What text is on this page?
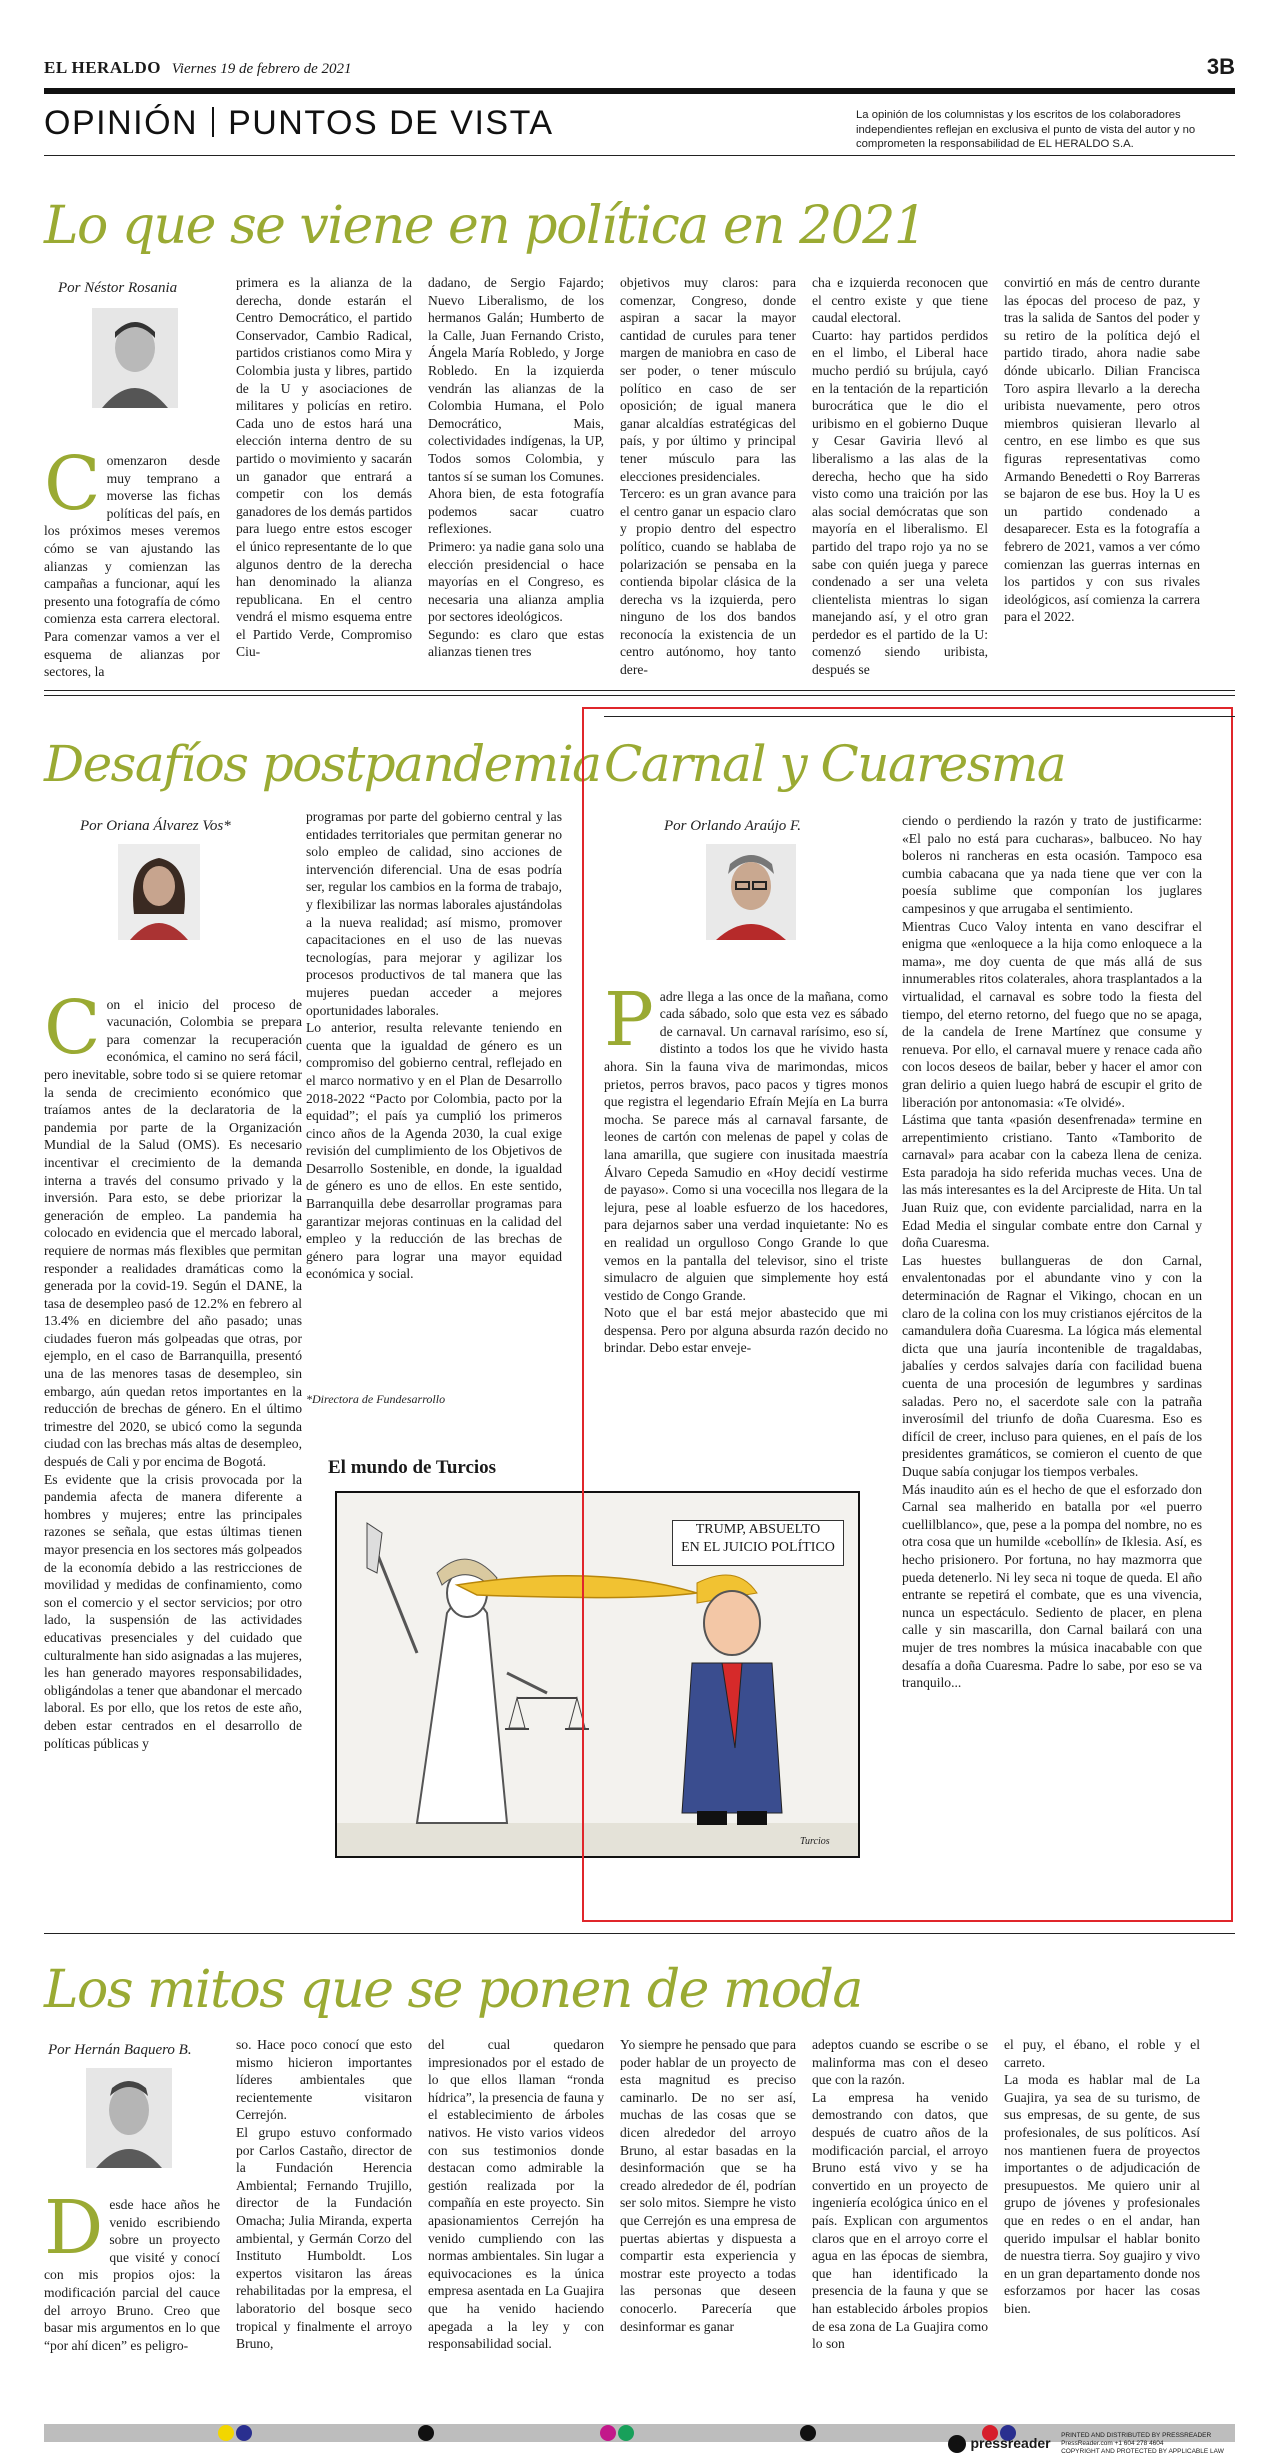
EL HERALDO Viernes 19 de febrero de 2021	3B
OPINIÓN PUNTOS DE VISTA	La opinión de los columnistas y los escritos de los colaboradores independientes reflejan en exclusiva el punto de vista del autor y no comprometen la responsabilidad de EL HERALDO S.A.
Lo que se viene en política en 2021
Por Néstor Rosania
Comenzaron desde muy temprano a moverse las fichas políticas del país, en los próximos meses veremos cómo se van ajustando las alianzas y comienzan las campañas a funcionar, aquí les presento una fotografía de cómo comienza esta carrera electoral. Para comenzar vamos a ver el esquema de alianzas por sectores, la
primera es la alianza de la derecha, donde estarán el Centro Democrático, el partido Conservador, Cambio Radical, partidos cristianos como Mira y Colombia justa y libres, partido de la U y asociaciones de militares y policías en retiro. Cada uno de estos hará una elección interna dentro de su partido o movimiento y sacarán un ganador que entrará a competir con los demás ganadores de los demás partidos para luego entre estos escoger el único representante de lo que algunos dentro de la derecha han denominado la alianza republicana. En el centro vendrá el mismo esquema entre el Partido Verde, Compromiso Ciu-
dadano, de Sergio Fajardo; Nuevo Liberalismo, de los hermanos Galán; Humberto de la Calle, Juan Fernando Cristo, Ángela María Robledo, y Jorge Robledo. En la izquierda vendrán las alianzas de la Colombia Humana, el Polo Democrático, Mais, colectividades indígenas, la UP, Todos somos Colombia, y tantos sí se suman los Comunes. Ahora bien, de esta fotografía podemos sacar cuatro reflexiones.
Primero: ya nadie gana solo una elección presidencial o hace mayorías en el Congreso, es necesaria una alianza amplia por sectores ideológicos.
Segundo: es claro que estas alianzas tienen tres
objetivos muy claros: para comenzar, Congreso, donde aspiran a sacar la mayor cantidad de curules para tener margen de maniobra en caso de ser poder, o tener músculo político en caso de ser oposición; de igual manera ganar alcaldías estratégicas del país, y por último y principal tener músculo para las elecciones presidenciales.
Tercero: es un gran avance para el centro ganar un espacio claro y propio dentro del espectro político, cuando se hablaba de polarización se pensaba en la contienda bipolar clásica de la derecha vs la izquierda, pero ninguno de los dos bandos reconocía la existencia de un centro autónomo, hoy tanto dere-
cha e izquierda reconocen que el centro existe y que tiene caudal electoral.
Cuarto: hay partidos perdidos en el limbo, el Liberal hace mucho perdió su brújula, cayó en la tentación de la repartición burocrática que le dio el uribismo en el gobierno Duque y Cesar Gaviria llevó al liberalismo a las alas de la derecha, hecho que ha sido visto como una traición por las alas social demócratas que son mayoría en el liberalismo. El partido del trapo rojo ya no se sabe con quién juega y parece condenado a ser una veleta clientelista mientras lo sigan manejando así, y el otro gran perdedor es el partido de la U: comenzó siendo uribista, después se
convirtió en más de centro durante las épocas del proceso de paz, y tras la salida de Santos del poder y su retiro de la política dejó el partido tirado, ahora nadie sabe dónde ubicarlo. Dilian Francisca Toro aspira llevarlo a la derecha uribista nuevamente, pero otros miembros quisieran llevarlo al centro, en ese limbo es que sus figuras representativas como Armando Benedetti o Roy Barreras se bajaron de ese bus. Hoy la U es un partido condenado a desaparecer. Esta es la fotografía a febrero de 2021, vamos a ver cómo comienzan las guerras internas en los partidos y con sus rivales ideológicos, así comienza la carrera para el 2022.
Desafíos postpandemia
Por Oriana Álvarez Vos*

Con el inicio del proceso de vacunación, Colombia se prepara para comenzar la recuperación económica, el camino no será fácil, pero inevitable, sobre todo si se quiere retomar la senda de crecimiento económico que traíamos antes de la declaratoria de la pandemia por parte de la Organización Mundial de la Salud (OMS). Es necesario incentivar el crecimiento de la demanda interna a través del consumo privado y la inversión. Para esto, se debe priorizar la generación de empleo. La pandemia ha colocado en evidencia que el mercado laboral, requiere de normas más flexibles que permitan responder a realidades dramáticas como la generada por la covid-19. Según el DANE, la tasa de desempleo pasó de 12.2% en febrero al 13.4% en diciembre del año pasado; unas ciudades fueron más golpeadas que otras, por ejemplo, en el caso de Barranquilla, presentó una de las menores tasas de desempleo, sin embargo, aún quedan retos importantes en la reducción de brechas de género. En el último trimestre del 2020, se ubicó como la segunda ciudad con las brechas más altas de desempleo, después de Cali y por encima de Bogotá.
Es evidente que la crisis provocada por la pandemia afecta de manera diferente a hombres y mujeres; entre las principales razones se señala, que estas últimas tienen mayor presencia en los sectores más golpeados de la economía debido a las restricciones de movilidad y medidas de confinamiento, como son el comercio y el sector servicios; por otro lado, la suspensión de las actividades educativas presenciales y del cuidado que culturalmente han sido asignadas a las mujeres, les han generado mayores responsabilidades, obligándolas a tener que abandonar el mercado laboral. Es por ello, que los retos de este año, deben estar centrados en el desarrollo de políticas públicas y

programas por parte del gobierno central y las entidades territoriales que permitan generar no solo empleo de calidad, sino acciones de intervención diferencial. Una de esas podría ser, regular los cambios en la forma de trabajo, y flexibilizar las normas laborales ajustándolas a la nueva realidad; así mismo, promover capacitaciones en el uso de las nuevas tecnologías, para mejorar y agilizar los procesos productivos de tal manera que las mujeres puedan acceder a mejores oportunidades laborales.
Lo anterior, resulta relevante teniendo en cuenta que la igualdad de género es un compromiso del gobierno central, reflejado en el marco normativo y en el Plan de Desarrollo 2018-2022 “Pacto por Colombia, pacto por la equidad”; el país ya cumplió los primeros cinco años de la Agenda 2030, la cual exige revisión del cumplimiento de los Objetivos de Desarrollo Sostenible, en donde, la igualdad de género es uno de ellos. En este sentido, Barranquilla debe desarrollar programas para garantizar mejoras continuas en la calidad del empleo y la reducción de las brechas de género para lograr una mayor equidad económica y social.
*Directora de Fundesarrollo
El mundo de Turcios
TRUMP, ABSUELTO
EN EL JUICIO POLÍTICO
Turcios
Carnal y Cuaresma
Por Orlando Araújo F.

Padre llega a las once de la mañana, como cada sábado, solo que esta vez es sábado de carnaval. Un carnaval rarísimo, eso sí, distinto a todos los que he vivido hasta ahora. Sin la fauna viva de marimondas, micos prietos, perros bravos, paco pacos y tigres monos que registra el legendario Efraín Mejía en La burra mocha. Se parece más al carnaval farsante, de leones de cartón con melenas de papel y colas de lana amarilla, que sugiere con inusitada maestría Álvaro Cepeda Samudio en «Hoy decidí vestirme de payaso». Como si una vocecilla nos llegara de la lejura, pese al loable esfuerzo de los hacedores, para dejarnos saber una verdad inquietante: No es en realidad un orgulloso Congo Grande lo que vemos en la pantalla del televisor, sino el triste simulacro de alguien que simplemente hoy está vestido de Congo Grande.
Noto que el bar está mejor abastecido que mi despensa. Pero por alguna absurda razón decido no brindar. Debo estar enveje-

ciendo o perdiendo la razón y trato de justificarme: «El palo no está para cucharas», balbuceo. No hay boleros ni rancheras en esta ocasión. Tampoco esa cumbia cabacana que ya nada tiene que ver con la poesía sublime que componían los juglares campesinos y que arrugaba el sentimiento.
Mientras Cuco Valoy intenta en vano descifrar el enigma que «enloquece a la hija como enloquece a la mama», me doy cuenta de que más allá de sus innumerables ritos colaterales, ahora trasplantados a la virtualidad, el carnaval es sobre todo la fiesta del tiempo, del eterno retorno, del fuego que no se apaga, de la candela de Irene Martínez que consume y renueva. Por ello, el carnaval muere y renace cada año con locos deseos de bailar, beber y hacer el amor con gran delirio a quien luego habrá de escupir el grito de liberación por antonomasia: «Te olvidé».
Lástima que tanta «pasión desenfrenada» termine en arrepentimiento cristiano. Tanto «Tamborito de carnaval» para acabar con la cabeza llena de ceniza. Esta paradoja ha sido referida muchas veces. Una de las más interesantes es la del Arcipreste de Hita. Un tal Juan Ruiz que, con evidente parcialidad, narra en la Edad Media el singular combate entre don Carnal y doña Cuaresma.
Las huestes bullangueras de don Carnal, envalentonadas por el abundante vino y con la determinación de Ragnar el Vikingo, chocan en un claro de la colina con los muy cristianos ejércitos de la camandulera doña Cuaresma. La lógica más elemental dicta que una jauría incontenible de tragaldabas, jabalíes y cerdos salvajes daría con facilidad buena cuenta de una procesión de legumbres y sardinas saladas. Pero no, el sacerdote sale con la patraña inverosímil del triunfo de doña Cuaresma. Eso es difícil de creer, incluso para quienes, en el país de los presidentes gramáticos, se comieron el cuento de que Duque sabía conjugar los tiempos verbales.
Más inaudito aún es el hecho de que el esforzado don Carnal sea malherido en batalla por «el puerro cuellilblanco», que, pese a la pompa del nombre, no es otra cosa que un humilde «cebollín» de Iklesia. Así, es hecho prisionero. Por fortuna, no hay mazmorra que pueda detenerlo. Ni ley seca ni toque de queda. El año entrante se repetirá el combate, que es una vivencia, nunca un espectáculo. Sediento de placer, en plena calle y sin mascarilla, don Carnal bailará con una mujer de tres nombres la música inacabable con que desafía a doña Cuaresma. Padre lo sabe, por eso se va tranquilo...
Los mitos que se ponen de moda
Por Hernán Baquero B.
Desde hace años he venido escribiendo sobre un proyecto que visité y conocí con mis propios ojos: la modificación parcial del cauce del arroyo Bruno. Creo que basar mis argumentos en lo que “por ahí dicen” es peligro-
so. Hace poco conocí que esto mismo hicieron importantes líderes ambientales que recientemente visitaron Cerrejón.
El grupo estuvo conformado por Carlos Castaño, director de la Fundación Herencia Ambiental; Fernando Trujillo, director de la Fundación Omacha; Julia Miranda, experta ambiental, y Germán Corzo del Instituto Humboldt. Los expertos visitaron las áreas rehabilitadas por la empresa, el laboratorio del bosque seco tropical y finalmente el arroyo Bruno,
del cual quedaron impresionados por el estado de lo que ellos llaman “ronda hídrica”, la presencia de fauna y el establecimiento de árboles nativos. He visto varios videos con sus testimonios donde destacan como admirable la gestión realizada por la compañía en este proyecto. Sin apasionamientos Cerrejón ha venido cumpliendo con las normas ambientales. Sin lugar a equivocaciones es la única empresa asentada en La Guajira que ha venido haciendo apegada a la ley y con responsabilidad social.
Yo siempre he pensado que para poder hablar de un proyecto de esta magnitud es preciso caminarlo. De no ser así, muchas de las cosas que se dicen alrededor del arroyo Bruno, al estar basadas en la desinformación que se ha creado alrededor de él, podrían ser solo mitos. Siempre he visto que Cerrejón es una empresa de puertas abiertas y dispuesta a compartir esta experiencia y mostrar este proyecto a todas las personas que deseen conocerlo. Parecería que desinformar es ganar
adeptos cuando se escribe o se malinforma mas con el deseo que con la razón.
La empresa ha venido demostrando con datos, que después de cuatro años de la modificación parcial, el arroyo Bruno está vivo y se ha convertido en un proyecto de ingeniería ecológica único en el país. Explican con argumentos claros que en el arroyo corre el agua en las épocas de siembra, que han identificado la presencia de la fauna y que se han establecido árboles propios de esa zona de La Guajira como lo son
el puy, el ébano, el roble y el carreto.
La moda es hablar mal de La Guajira, ya sea de su turismo, de sus empresas, de su gente, de sus profesionales, de sus políticos. Así nos mantienen fuera de proyectos importantes o de adjudicación de presupuestos. Me quiero unir al grupo de jóvenes y profesionales que en redes o en el andar, han querido impulsar el hablar bonito de nuestra tierra. Soy guajiro y vivo en un gran departamento donde nos esforzamos por hacer las cosas bien.
pressreader PRINTED AND DISTRIBUTED BY PRESSREADER
PressReader.com +1 604 278 4604
COPYRIGHT AND PROTECTED BY APPLICABLE LAW
